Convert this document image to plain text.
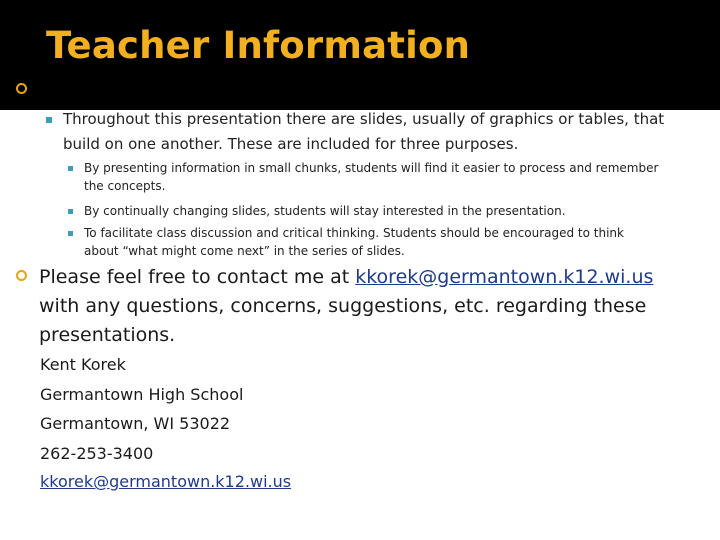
Teacher Information
Throughout this presentation there are slides, usually of graphics or tables, that
build on one another. These are included for three purposes.
By presenting information in small chunks, students will find it easier to process and remember
the concepts.
By continually changing slides, students will stay interested in the presentation.
To facilitate class discussion and critical thinking. Students should be encouraged to think
about “what might come next” in the series of slides.
Please feel free to contact me at kkorek@germantown.k12.wi.us
with any questions, concerns, suggestions, etc. regarding these
presentations.
Kent Korek
Germantown High School
Germantown, WI 53022
262-253-3400
kkorek@germantown.k12.wi.us
